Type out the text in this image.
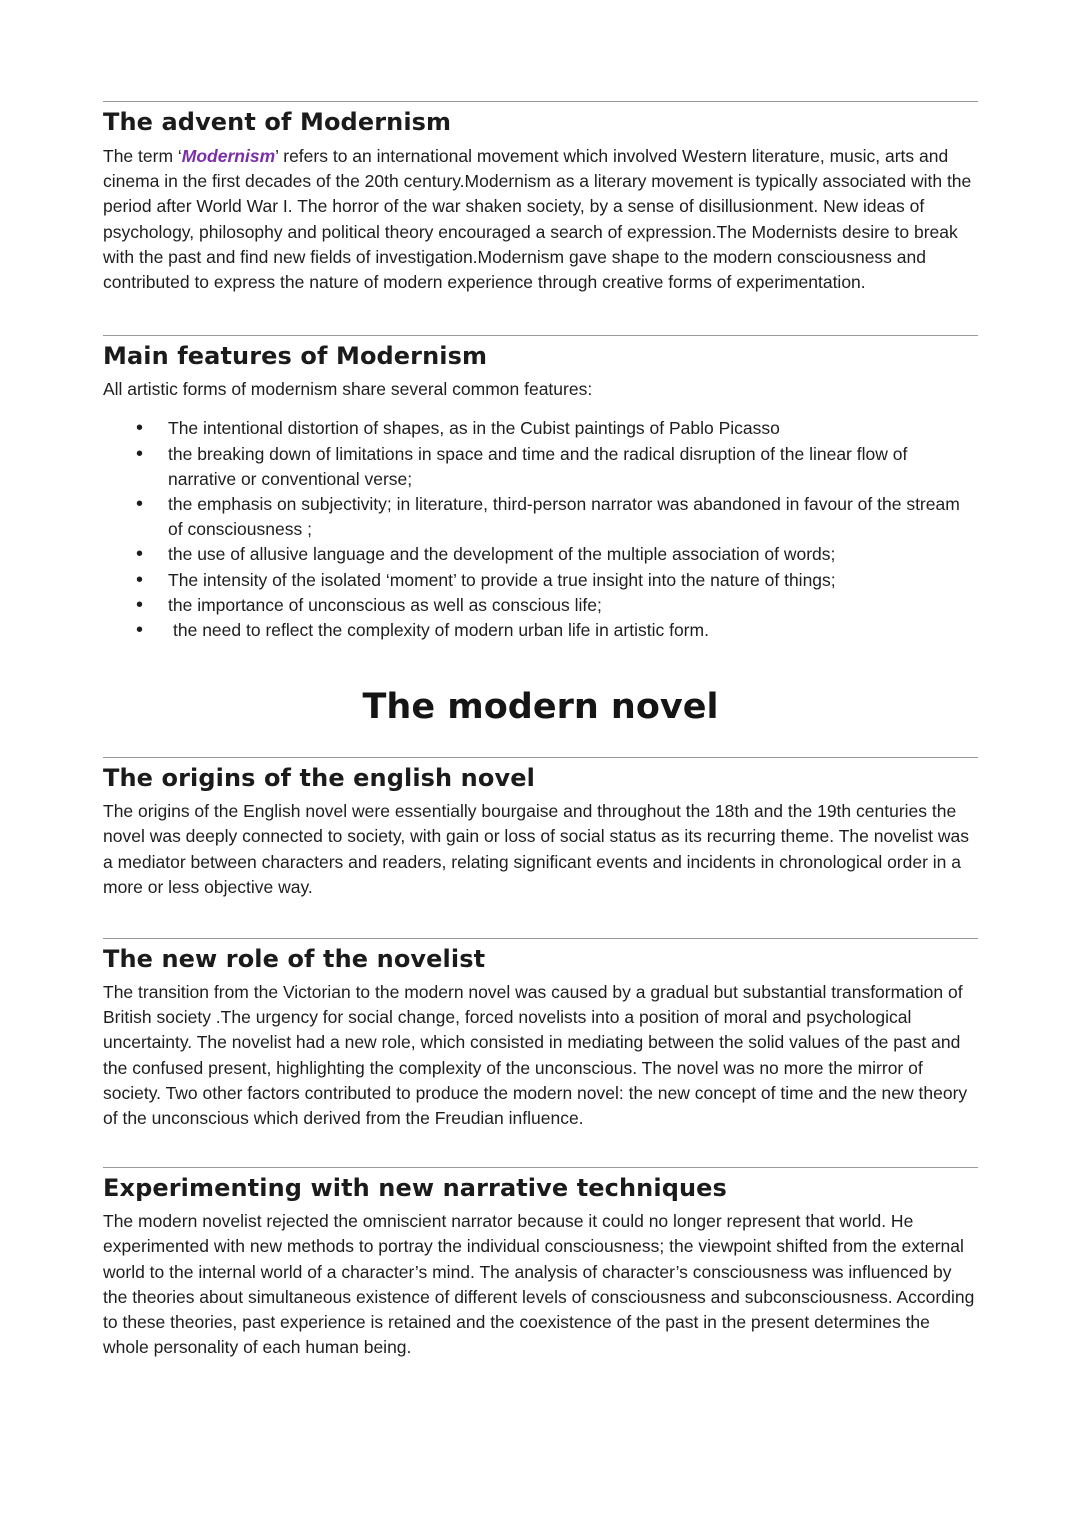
The advent of Modernism

The term ‘Modernism’ refers to an international movement which involved Western literature, music, arts and cinema in the first decades of the 20th century.Modernism as a literary movement is typically associated with the period after World War I. The horror of the war shaken society, by a sense of disillusionment. New ideas of psychology, philosophy and political theory encouraged a search of expression.The Modernists desire to break with the past and find new fields of investigation.Modernism gave shape to the modern consciousness and contributed to express the nature of modern experience through creative forms of experimentation.

Main features of Modernism

All artistic forms of modernism share several common features:

• The intentional distortion of shapes, as in the Cubist paintings of Pablo Picasso
• the breaking down of limitations in space and time and the radical disruption of the linear flow of narrative or conventional verse;
• the emphasis on subjectivity; in literature, third-person narrator was abandoned in favour of the stream of consciousness ;
• the use of allusive language and the development of the multiple association of words;
• The intensity of the isolated ‘moment’ to provide a true insight into the nature of things;
• the importance of unconscious as well as conscious life;
• the need to reflect the complexity of modern urban life in artistic form.
The modern novel
The origins of the english novel

The origins of the English novel were essentially bourgaise and throughout the 18th and the 19th centuries the novel was deeply connected to society, with gain or loss of social status as its recurring theme. The novelist was a mediator between characters and readers, relating significant events and incidents in chronological order in a more or less objective way.

The new role of the novelist

The transition from the Victorian to the modern novel was caused by a gradual but substantial transformation of British society .The urgency for social change, forced novelists into a position of moral and psychological uncertainty. The novelist had a new role, which consisted in mediating between the solid values of the past and the confused present, highlighting the complexity of the unconscious. The novel was no more the mirror of society. Two other factors contributed to produce the modern novel: the new concept of time and the new theory of the unconscious which derived from the Freudian influence.

Experimenting with new narrative techniques

The modern novelist rejected the omniscient narrator because it could no longer represent that world. He experimented with new methods to portray the individual consciousness; the viewpoint shifted from the external world to the internal world of a character’s mind. The analysis of character’s consciousness was influenced by the theories about simultaneous existence of different levels of consciousness and subconsciousness. According to these theories, past experience is retained and the coexistence of the past in the present determines the whole personality of each human being.
